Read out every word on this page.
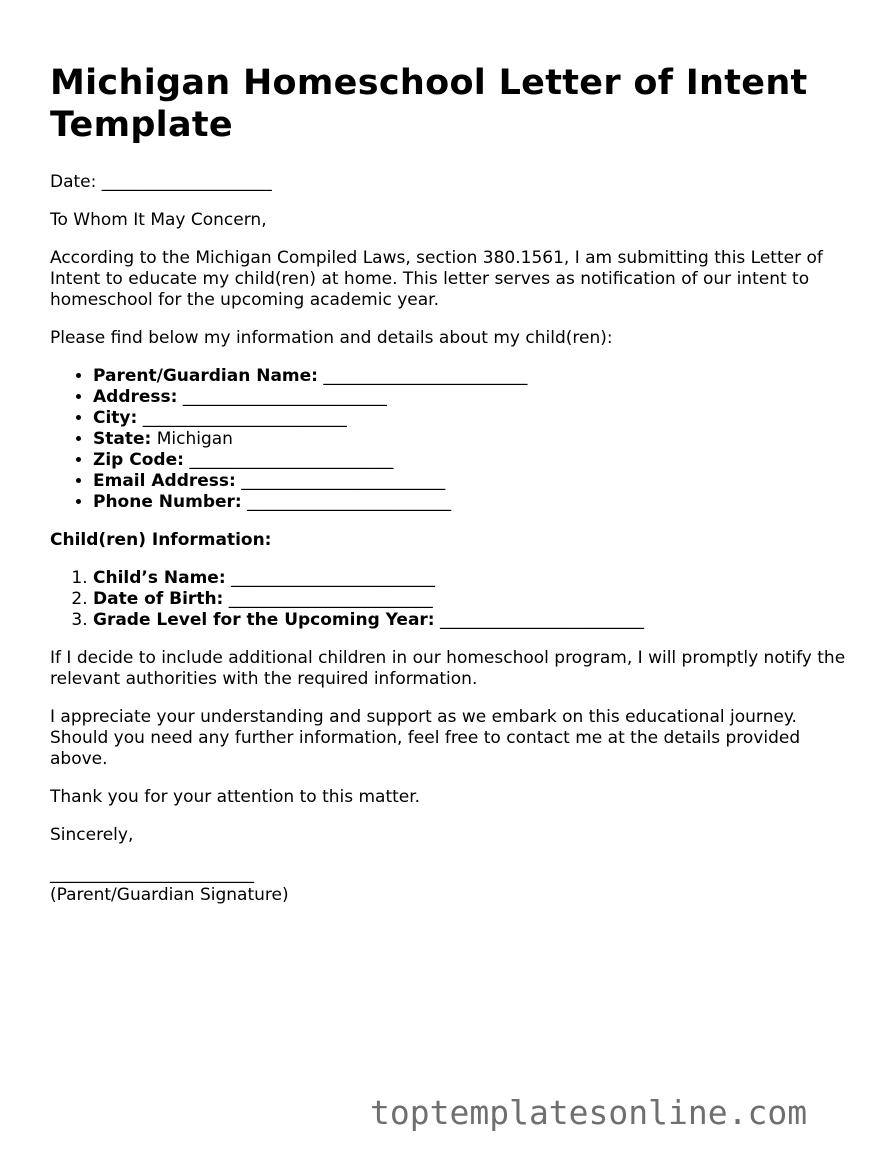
Michigan Homeschool Letter of Intent Template

Date: ____________________

To Whom It May Concern,

According to the Michigan Compiled Laws, section 380.1561, I am submitting this Letter of Intent to educate my child(ren) at home. This letter serves as notification of our intent to homeschool for the upcoming academic year.

Please find below my information and details about my child(ren):

• Parent/Guardian Name: ________________________
• Address: ________________________
• City: ________________________
• State: Michigan
• Zip Code: ________________________
• Email Address: ________________________
• Phone Number: ________________________

Child(ren) Information:

1. Child’s Name: ________________________
2. Date of Birth: ________________________
3. Grade Level for the Upcoming Year: ________________________

If I decide to include additional children in our homeschool program, I will promptly notify the relevant authorities with the required information.

I appreciate your understanding and support as we embark on this educational journey. Should you need any further information, feel free to contact me at the details provided above.

Thank you for your attention to this matter.

Sincerely,

________________________

(Parent/Guardian Signature)

toptemplatesonline.com
